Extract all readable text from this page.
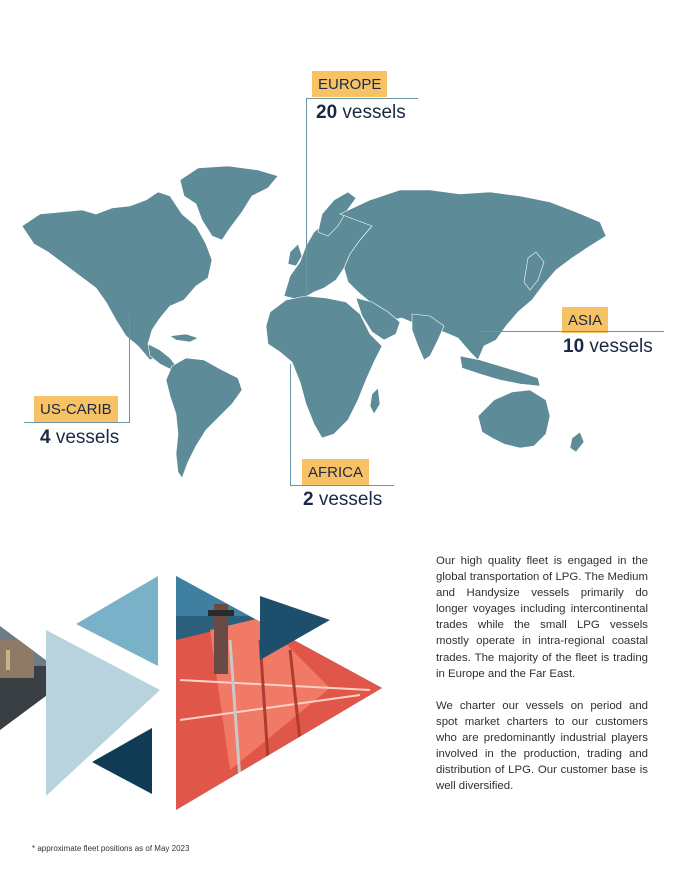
EUROPE
20 vessels
ASIA
10 vessels
US-CARIB
4 vessels
AFRICA
2 vessels

Our high quality fleet is engaged in the global transportation of LPG. The Medium and Handysize vessels primarily do longer voyages including intercontinental trades while the small LPG vessels mostly operate in intra-regional coastal trades. The majority of the fleet is trading in Europe and the Far East.

We charter our vessels on period and spot market charters to our customers who are predominantly industrial players involved in the production, trading and distribution of LPG. Our customer base is well diversified.

* approximate fleet positions as of May 2023
